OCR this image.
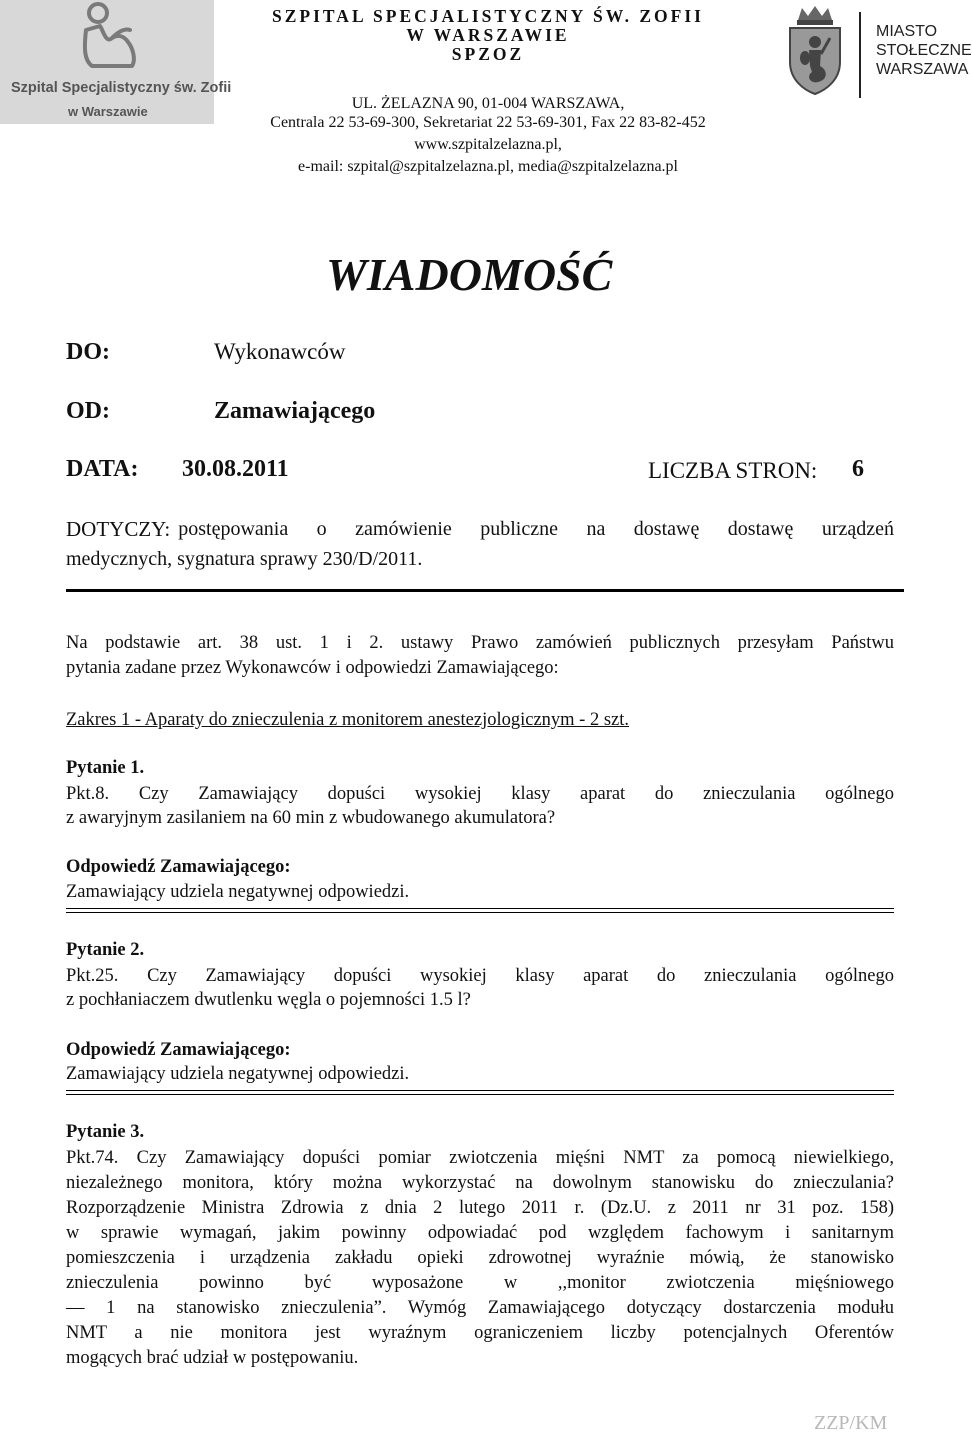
Szpital Specjalistyczny św. Zofii
w Warszawie
SZPITAL SPECJALISTYCZNY ŚW. ZOFII
W WARSZAWIE
SPZOZ
UL. ŻELAZNA 90, 01-004 WARSZAWA,
Centrala 22 53-69-300, Sekretariat 22 53-69-301, Fax 22 83-82-452
www.szpitalzelazna.pl,
e-mail: szpital@szpitalzelazna.pl, media@szpitalzelazna.pl
MIASTO
STOŁECZNE
WARSZAWA
WIADOMOŚĆ
DO:	Wykonawców
OD:	Zamawiającego
DATA: 30.08.2011	LICZBA STRON: 6
DOTYCZY: postępowania o zamówienie publiczne na dostawę dostawę urządzeń
medycznych, sygnatura sprawy 230/D/2011.
Na podstawie art. 38 ust. 1 i 2. ustawy Prawo zamówień publicznych przesyłam Państwu
pytania zadane przez Wykonawców i odpowiedzi Zamawiającego:
Zakres 1 - Aparaty do znieczulenia z monitorem anestezjologicznym - 2 szt.
Pytanie 1.
Pkt.8. Czy Zamawiający dopuści wysokiej klasy aparat do znieczulania ogólnego
z awaryjnym zasilaniem na 60 min z wbudowanego akumulatora?
Odpowiedź Zamawiającego:
Zamawiający udziela negatywnej odpowiedzi.
Pytanie 2.
Pkt.25. Czy Zamawiający dopuści wysokiej klasy aparat do znieczulania ogólnego
z pochłaniaczem dwutlenku węgla o pojemności 1.5 l?
Odpowiedź Zamawiającego:
Zamawiający udziela negatywnej odpowiedzi.
Pytanie 3.
Pkt.74. Czy Zamawiający dopuści pomiar zwiotczenia mięśni NMT za pomocą niewielkiego,
niezależnego monitora, który można wykorzystać na dowolnym stanowisku do znieczulania?
Rozporządzenie Ministra Zdrowia z dnia 2 lutego 2011 r. (Dz.U. z 2011 nr 31 poz. 158)
w sprawie wymagań, jakim powinny odpowiadać pod względem fachowym i sanitarnym
pomieszczenia i urządzenia zakładu opieki zdrowotnej wyraźnie mówią, że stanowisko
znieczulenia powinno być wyposażone w ,,monitor zwiotczenia mięśniowego
— 1 na stanowisko znieczulenia”. Wymóg Zamawiającego dotyczący dostarczenia modułu
NMT a nie monitora jest wyraźnym ograniczeniem liczby potencjalnych Oferentów
mogących brać udział w postępowaniu.
ZZP/KM
